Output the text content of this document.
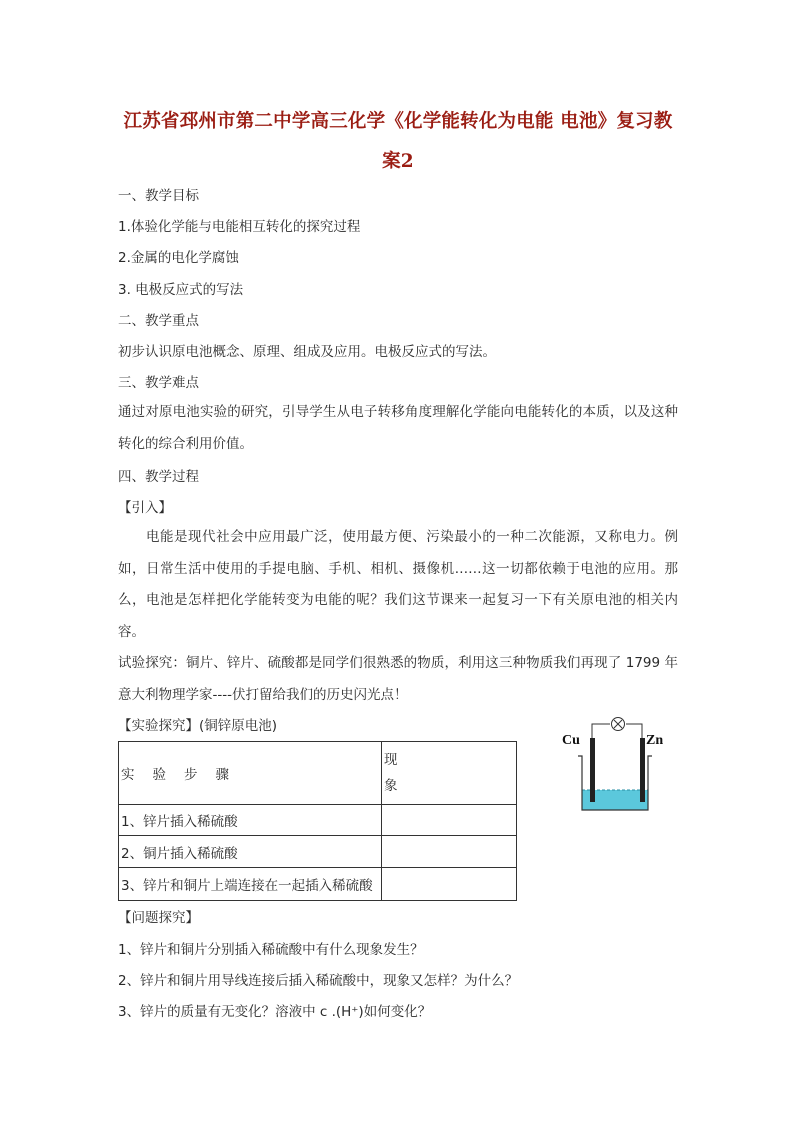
江苏省邳州市第二中学高三化学《化学能转化为电能 电池》复习教
案2
一、教学目标
1.体验化学能与电能相互转化的探究过程
2.金属的电化学腐蚀
3. 电极反应式的写法
二、教学重点
初步认识原电池概念、原理、组成及应用。电极反应式的写法。
三、教学难点
通过对原电池实验的研究，引导学生从电子转移角度理解化学能向电能转化的本质，以及这种转化的综合利用价值。
四、教学过程
【引入】
电能是现代社会中应用最广泛，使用最方便、污染最小的一种二次能源，又称电力。例如，日常生活中使用的手提电脑、手机、相机、摄像机……这一切都依赖于电池的应用。那么，电池是怎样把化学能转变为电能的呢？我们这节课来一起复习一下有关原电池的相关内容。
试验探究：铜片、锌片、硫酸都是同学们很熟悉的物质，利用这三种物质我们再现了 1799 年 意大利物理学家----伏打留给我们的历史闪光点！
【实验探究】(铜锌原电池)
实验步骤	现象

1、锌片插入稀硫酸	
2、铜片插入稀硫酸	
3、锌片和铜片上端连接在一起插入稀硫酸	
Cu	Zn
【问题探究】
1、锌片和铜片分别插入稀硫酸中有什么现象发生？
2、锌片和铜片用导线连接后插入稀硫酸中，现象又怎样？为什么？
3、锌片的质量有无变化？溶液中 c .(H⁺)如何变化？
